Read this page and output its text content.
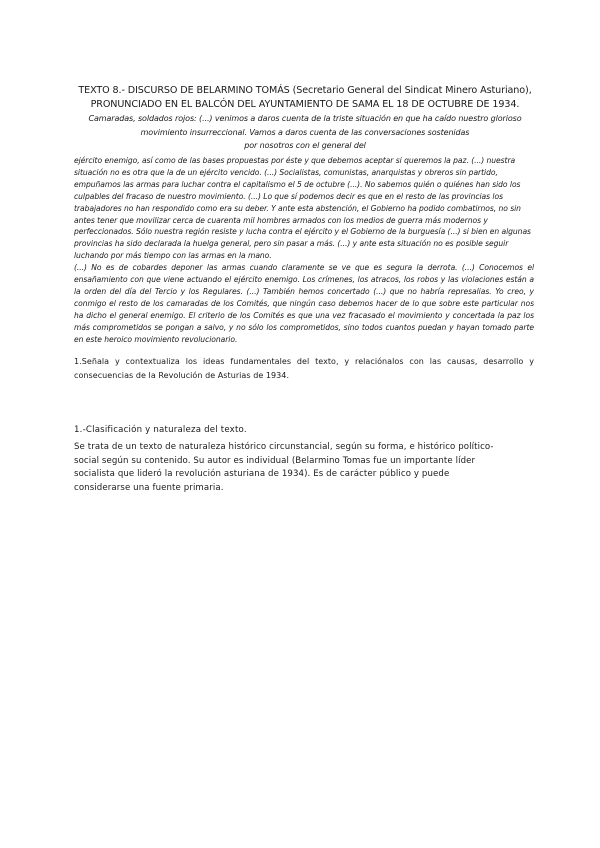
TEXTO 8.- DISCURSO DE BELARMINO TOMÁS (Secretario General del Sindicat Minero Asturiano), PRONUNCIADO EN EL BALCÓN DEL AYUNTAMIENTO DE SAMA EL 18 DE OCTUBRE DE 1934. Camaradas, soldados rojos: (...) venimos a daros cuenta de la triste situación en que ha caído nuestro glorioso movimiento insurreccional. Vamos a daros cuenta de las conversaciones sostenidas
por nosotros con el general del

ejército enemigo, así como de las bases propuestas por éste y que debemos aceptar si queremos la paz. (...) nuestra situación no es otra que la de un ejército vencido. (...) Socialistas, comunistas, anarquistas y obreros sin partido, empuñamos las armas para luchar contra el capitalismo el 5 de octubre (...). No sabemos quién o quiénes han sido los culpables del fracaso de nuestro movimiento. (...) Lo que sí podemos decir es que en el resto de las provincias los trabajadores no han respondido como era su deber. Y ante esta abstención, el Gobierno ha podido combatirnos, no sin antes tener que movilizar cerca de cuarenta mil hombres armados con los medios de guerra más modernos y perfeccionados. Sólo nuestra región resiste y lucha contra el ejército y el Gobierno de la burguesía (...) si bien en algunas provincias ha sido declarada la huelga general, pero sin pasar a más. (...) y ante esta situación no es posible seguir luchando por más tiempo con las armas en la mano.

(...) No es de cobardes deponer las armas cuando claramente se ve que es segura la derrota. (...) Conocemos el ensañamiento con que viene actuando el ejército enemigo. Los crímenes, los atracos, los robos y las violaciones están a la orden del día del Tercio y los Regulares. (...) También hemos concertado (...) que no habría represalias. Yo creo, y conmigo el resto de los camaradas de los Comités, que ningún caso debemos hacer de lo que sobre este particular nos ha dicho el general enemigo. El criterio de los Comités es que una vez fracasado el movimiento y concertada la paz los más comprometidos se pongan a salvo, y no sólo los comprometidos, sino todos cuantos puedan y hayan tomado parte en este heroico movimiento revolucionario.

1.Señala y contextualiza los ideas fundamentales del texto, y relaciónalos con las causas, desarrollo y consecuencias de la Revolución de Asturias de 1934.
1.-Clasificación y naturaleza del texto.
Se trata de un texto de naturaleza histórico circunstancial, según su forma, e histórico político-social según su contenido. Su autor es individual (Belarmino Tomas fue un importante líder socialista que lideró la revolución asturiana de 1934). Es de carácter público y puede considerarse una fuente primaria.
